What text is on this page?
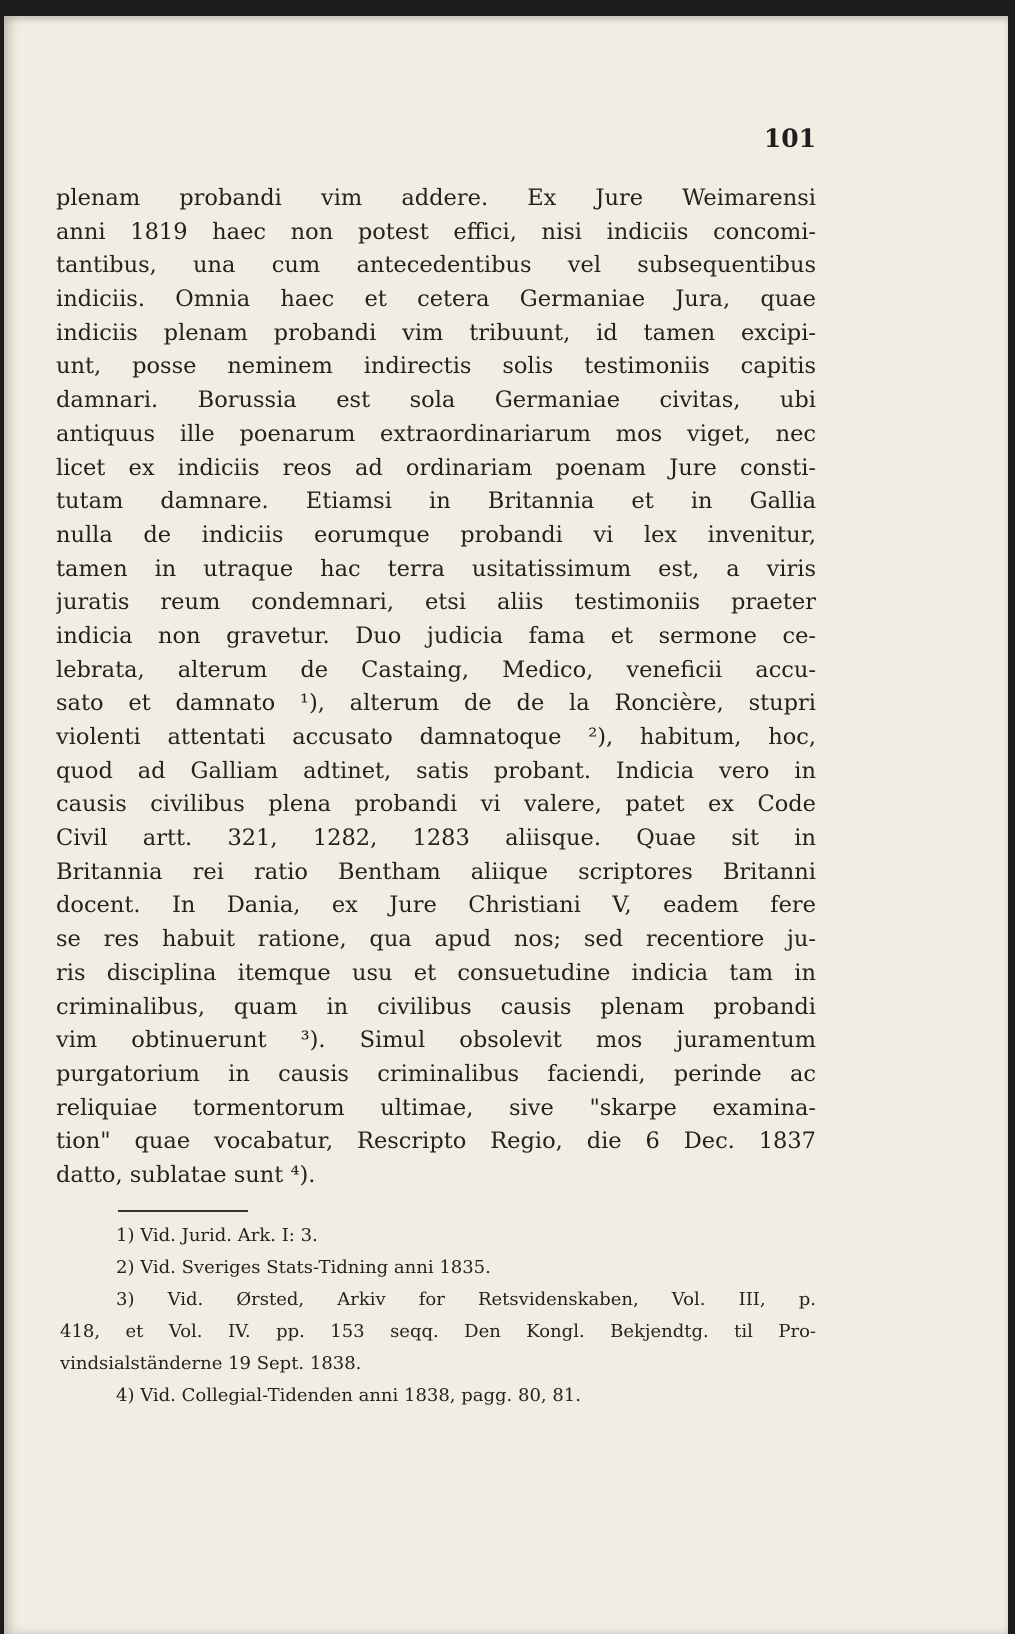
101
plenam probandi vim addere. Ex Jure Weimarensi
anni 1819 haec non potest effici, nisi indiciis concomi-
tantibus, una cum antecedentibus vel subsequentibus
indiciis. Omnia haec et cetera Germaniae Jura, quae
indiciis plenam probandi vim tribuunt, id tamen excipi-
unt, posse neminem indirectis solis testimoniis capitis
damnari. Borussia est sola Germaniae civitas, ubi
antiquus ille poenarum extraordinariarum mos viget, nec
licet ex indiciis reos ad ordinariam poenam Jure consti-
tutam damnare. Etiamsi in Britannia et in Gallia
nulla de indiciis eorumque probandi vi lex invenitur,
tamen in utraque hac terra usitatissimum est, a viris
juratis reum condemnari, etsi aliis testimoniis praeter
indicia non gravetur. Duo judicia fama et sermone ce-
lebrata, alterum de Castaing, Medico, veneficii accu-
sato et damnato ¹), alterum de de la Roncière, stupri
violenti attentati accusato damnatoque ²), habitum, hoc,
quod ad Galliam adtinet, satis probant. Indicia vero in
causis civilibus plena probandi vi valere, patet ex Code
Civil artt. 321, 1282, 1283 aliisque. Quae sit in
Britannia rei ratio Bentham aliique scriptores Britanni
docent. In Dania, ex Jure Christiani V, eadem fere
se res habuit ratione, qua apud nos; sed recentiore ju-
ris disciplina itemque usu et consuetudine indicia tam in
criminalibus, quam in civilibus causis plenam probandi
vim obtinuerunt ³). Simul obsolevit mos juramentum
purgatorium in causis criminalibus faciendi, perinde ac
reliquiae tormentorum ultimae, sive "skarpe examina-
tion" quae vocabatur, Rescripto Regio, die 6 Dec. 1837
datto, sublatae sunt ⁴).
1) Vid. Jurid. Ark. I: 3.
2) Vid. Sveriges Stats-Tidning anni 1835.
3) Vid. Ørsted, Arkiv for Retsvidenskaben, Vol. III, p.
418, et Vol. IV. pp. 153 seqq. Den Kongl. Bekjendtg. til Pro-
vindsialständerne 19 Sept. 1838.
4) Vid. Collegial-Tidenden anni 1838, pagg. 80, 81.
